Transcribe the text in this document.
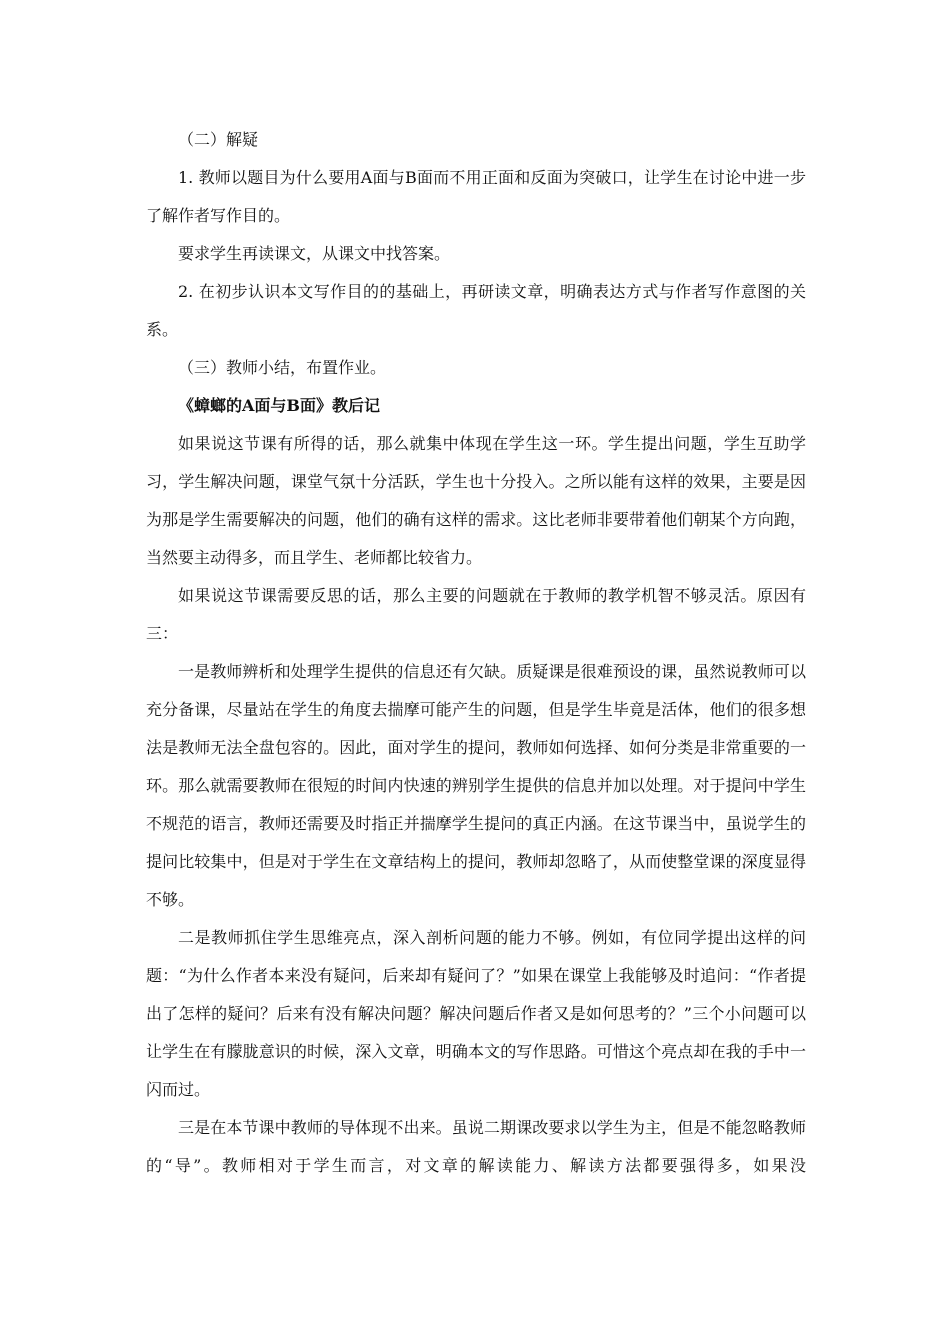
（二）解疑

1. 教师以题目为什么要用A面与B面而不用正面和反面为突破口，让学生在讨论中进一步了解作者写作目的。

要求学生再读课文，从课文中找答案。

2. 在初步认识本文写作目的的基础上，再研读文章，明确表达方式与作者写作意图的关系。

（三）教师小结，布置作业。

《蟑螂的A面与B面》教后记

如果说这节课有所得的话，那么就集中体现在学生这一环。学生提出问题，学生互助学习，学生解决问题，课堂气氛十分活跃，学生也十分投入。之所以能有这样的效果，主要是因为那是学生需要解决的问题，他们的确有这样的需求。这比老师非要带着他们朝某个方向跑，当然要主动得多，而且学生、老师都比较省力。

如果说这节课需要反思的话，那么主要的问题就在于教师的教学机智不够灵活。原因有三：

一是教师辨析和处理学生提供的信息还有欠缺。质疑课是很难预设的课，虽然说教师可以充分备课，尽量站在学生的角度去揣摩可能产生的问题，但是学生毕竟是活体，他们的很多想法是教师无法全盘包容的。因此，面对学生的提问，教师如何选择、如何分类是非常重要的一环。那么就需要教师在很短的时间内快速的辨别学生提供的信息并加以处理。对于提问中学生不规范的语言，教师还需要及时指正并揣摩学生提问的真正内涵。在这节课当中，虽说学生的提问比较集中，但是对于学生在文章结构上的提问，教师却忽略了，从而使整堂课的深度显得不够。

二是教师抓住学生思维亮点，深入剖析问题的能力不够。例如，有位同学提出这样的问题：“为什么作者本来没有疑问，后来却有疑问了？”如果在课堂上我能够及时追问：“作者提出了怎样的疑问？后来有没有解决问题？解决问题后作者又是如何思考的？”三个小问题可以让学生在有朦胧意识的时候，深入文章，明确本文的写作思路。可惜这个亮点却在我的手中一闪而过。

三是在本节课中教师的导体现不出来。虽说二期课改要求以学生为主，但是不能忽略教师的“导”。教师相对于学生而言，对文章的解读能力、解读方法都要强得多，如果没
